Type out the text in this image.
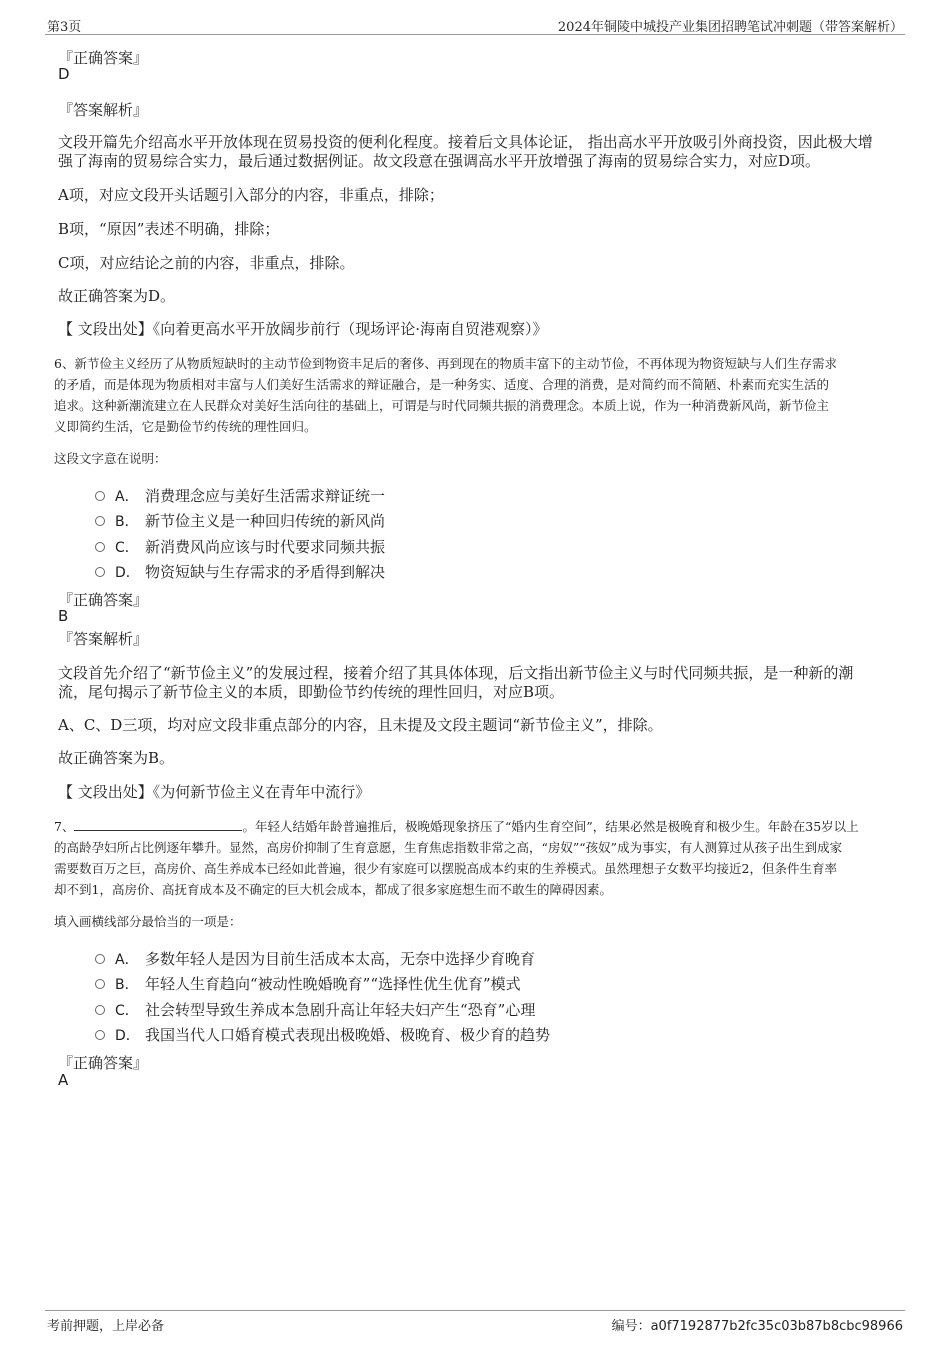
第3页	2024年铜陵中城投产业集团招聘笔试冲刺题（带答案解析）
『正确答案』
D
『答案解析』
文段开篇先介绍高水平开放体现在贸易投资的便利化程度。接着后文具体论证， 指出高水平开放吸引外商投资，因此极大增
强了海南的贸易综合实力，最后通过数据例证。故文段意在强调高水平开放增强了海南的贸易综合实力，对应D项。
A项，对应文段开头话题引入部分的内容，非重点，排除；
B项，“原因”表述不明确，排除；
C项，对应结论之前的内容，非重点，排除。
故正确答案为D。
【 文段出处】《向着更高水平开放阔步前行（现场评论·海南自贸港观察）》
6、新节俭主义经历了从物质短缺时的主动节俭到物资丰足后的奢侈、再到现在的物质丰富下的主动节俭，不再体现为物资短缺与人们生存需求
的矛盾，而是体现为物质相对丰富与人们美好生活需求的辩证融合，是一种务实、适度、合理的消费，是对简约而不简陋、朴素而充实生活的
追求。这种新潮流建立在人民群众对美好生活向往的基础上，可谓是与时代同频共振的消费理念。本质上说，作为一种消费新风尚，新节俭主
义即简约生活，它是勤俭节约传统的理性回归。
这段文字意在说明：
A． 消费理念应与美好生活需求辩证统一
B． 新节俭主义是一种回归传统的新风尚
C． 新消费风尚应该与时代要求同频共振
D． 物资短缺与生存需求的矛盾得到解决
『正确答案』
B
『答案解析』
文段首先介绍了“新节俭主义”的发展过程，接着介绍了其具体体现，后文指出新节俭主义与时代同频共振，是一种新的潮
流，尾句揭示了新节俭主义的本质，即勤俭节约传统的理性回归，对应B项。
A、C、D三项，均对应文段非重点部分的内容，且未提及文段主题词“新节俭主义”，排除。
故正确答案为B。
【 文段出处】《为何新节俭主义在青年中流行》
7、	。年轻人结婚年龄普遍推后，极晚婚现象挤压了“婚内生育空间”，结果必然是极晚育和极少生。年龄在35岁以上
的高龄孕妇所占比例逐年攀升。显然，高房价抑制了生育意愿，生育焦虑指数非常之高，“房奴”“孩奴”成为事实，有人测算过从孩子出生到成家
需要数百万之巨，高房价、高生养成本已经如此普遍，很少有家庭可以摆脱高成本约束的生养模式。虽然理想子女数平均接近2，但条件生育率
却不到1，高房价、高抚育成本及不确定的巨大机会成本，都成了很多家庭想生而不敢生的障碍因素。
填入画横线部分最恰当的一项是：
A． 多数年轻人是因为目前生活成本太高，无奈中选择少育晚育
B． 年轻人生育趋向“被动性晚婚晚育”“选择性优生优育”模式
C． 社会转型导致生养成本急剧升高让年轻夫妇产生“恐育”心理
D． 我国当代人口婚育模式表现出极晚婚、极晚育、极少育的趋势
『正确答案』
A
考前押题，上岸必备	编号：a0f7192877b2fc35c03b87b8cbc98966
